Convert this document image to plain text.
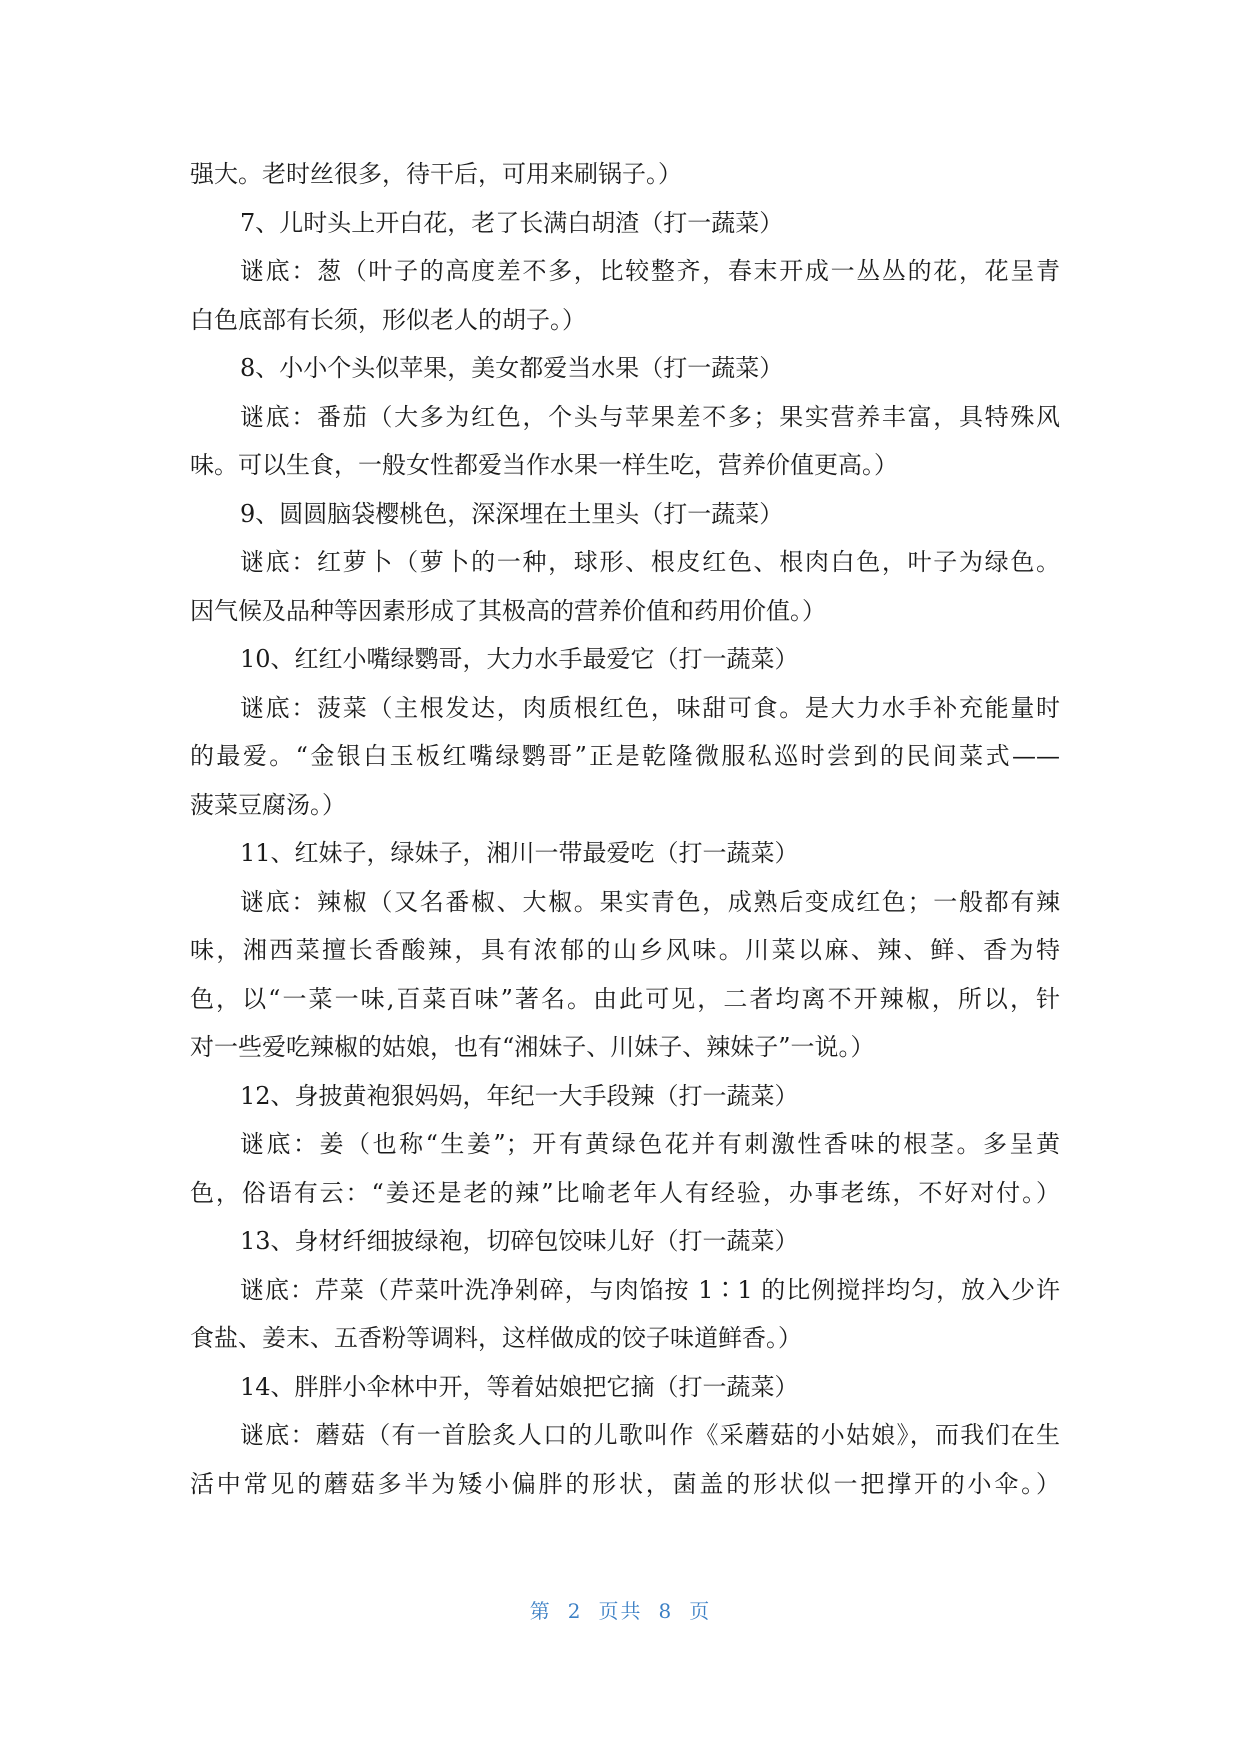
强大。老时丝很多，待干后，可用来刷锅子。）
7、儿时头上开白花，老了长满白胡渣（打一蔬菜）
谜底：葱（叶子的高度差不多，比较整齐，春末开成一丛丛的花，花呈青
白色底部有长须，形似老人的胡子。）
8、小小个头似苹果，美女都爱当水果（打一蔬菜）
谜底：番茄（大多为红色，个头与苹果差不多；果实营养丰富，具特殊风
味。可以生食，一般女性都爱当作水果一样生吃，营养价值更高。）
9、圆圆脑袋樱桃色，深深埋在土里头（打一蔬菜）
谜底：红萝卜（萝卜的一种，球形、根皮红色、根肉白色，叶子为绿色。
因气候及品种等因素形成了其极高的营养价值和药用价值。）
10、红红小嘴绿鹦哥，大力水手最爱它（打一蔬菜）
谜底：菠菜（主根发达，肉质根红色，味甜可食。是大力水手补充能量时
的最爱。“金银白玉板红嘴绿鹦哥”正是乾隆微服私巡时尝到的民间菜式——
菠菜豆腐汤。）
11、红妹子，绿妹子，湘川一带最爱吃（打一蔬菜）
谜底：辣椒（又名番椒、大椒。果实青色，成熟后变成红色；一般都有辣
味，湘西菜擅长香酸辣，具有浓郁的山乡风味。川菜以麻、辣、鲜、香为特
色，以“一菜一味,百菜百味”著名。由此可见，二者均离不开辣椒，所以，针
对一些爱吃辣椒的姑娘，也有“湘妹子、川妹子、辣妹子”一说。）
12、身披黄袍狠妈妈，年纪一大手段辣（打一蔬菜）
谜底：姜（也称“生姜”；开有黄绿色花并有刺激性香味的根茎。多呈黄
色，俗语有云：“姜还是老的辣”比喻老年人有经验，办事老练，不好对付。）
13、身材纤细披绿袍，切碎包饺味儿好（打一蔬菜）
谜底：芹菜（芹菜叶洗净剁碎，与肉馅按 1∶1 的比例搅拌均匀，放入少许
食盐、姜末、五香粉等调料，这样做成的饺子味道鲜香。）
14、胖胖小伞林中开，等着姑娘把它摘（打一蔬菜）
谜底：蘑菇（有一首脍炙人口的儿歌叫作《采蘑菇的小姑娘》，而我们在生
活中常见的蘑菇多半为矮小偏胖的形状，菌盖的形状似一把撑开的小伞。）
第 2 页共 8 页
